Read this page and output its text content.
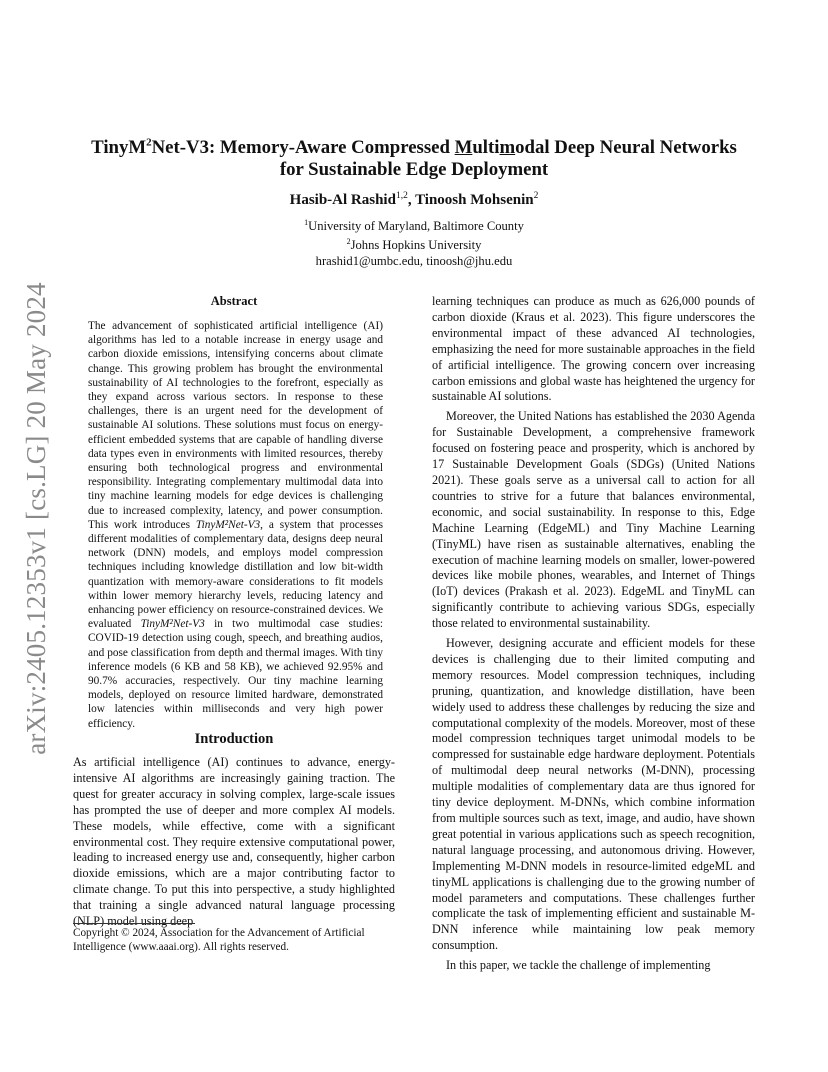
arXiv:2405.12353v1 [cs.LG] 20 May 2024
TinyM$^2$Net-V3: Memory-Aware Compressed Multimodal Deep Neural Networks
for Sustainable Edge Deployment

Hasib-Al Rashid$^{1,2}$, Tinoosh Mohsenin$^2$

$^1$University of Maryland, Baltimore County
$^2$Johns Hopkins University
hrashid1@umbc.edu, tinoosh@jhu.edu
Abstract

The advancement of sophisticated artificial intelligence (AI) algorithms has led to a notable increase in energy usage and carbon dioxide emissions, intensifying concerns about climate change. This growing problem has brought the environmental sustainability of AI technologies to the forefront, especially as they expand across various sectors. In response to these challenges, there is an urgent need for the development of sustainable AI solutions. These solutions must focus on energy-efficient embedded systems that are capable of handling diverse data types even in environments with limited resources, thereby ensuring both technological progress and environmental responsibility. Integrating complementary multimodal data into tiny machine learning models for edge devices is challenging due to increased complexity, latency, and power consumption. This work introduces TinyM²Net-V3, a system that processes different modalities of complementary data, designs deep neural network (DNN) models, and employs model compression techniques including knowledge distillation and low bit-width quantization with memory-aware considerations to fit models within lower memory hierarchy levels, reducing latency and enhancing power efficiency on resource-constrained devices. We evaluated TinyM²Net-V3 in two multimodal case studies: COVID-19 detection using cough, speech, and breathing audios, and pose classification from depth and thermal images. With tiny inference models (6 KB and 58 KB), we achieved 92.95% and 90.7% accuracies, respectively. Our tiny machine learning models, deployed on resource limited hardware, demonstrated low latencies within milliseconds and very high power efficiency.

Introduction

As artificial intelligence (AI) continues to advance, energy-intensive AI algorithms are increasingly gaining traction. The quest for greater accuracy in solving complex, large-scale issues has prompted the use of deeper and more complex AI models. These models, while effective, come with a significant environmental cost. They require extensive computational power, leading to increased energy use and, consequently, higher carbon dioxide emissions, which are a major contributing factor to climate change. To put this into perspective, a study highlighted that training a single advanced natural language processing (NLP) model using deep

Copyright © 2024, Association for the Advancement of Artificial Intelligence (www.aaai.org). All rights reserved.

learning techniques can produce as much as 626,000 pounds of carbon dioxide (Kraus et al. 2023). This figure underscores the environmental impact of these advanced AI technologies, emphasizing the need for more sustainable approaches in the field of artificial intelligence. The growing concern over increasing carbon emissions and global waste has heightened the urgency for sustainable AI solutions.

Moreover, the United Nations has established the 2030 Agenda for Sustainable Development, a comprehensive framework focused on fostering peace and prosperity, which is anchored by 17 Sustainable Development Goals (SDGs) (United Nations 2021). These goals serve as a universal call to action for all countries to strive for a future that balances environmental, economic, and social sustainability. In response to this, Edge Machine Learning (EdgeML) and Tiny Machine Learning (TinyML) have risen as sustainable alternatives, enabling the execution of machine learning models on smaller, lower-powered devices like mobile phones, wearables, and Internet of Things (IoT) devices (Prakash et al. 2023). EdgeML and TinyML can significantly contribute to achieving various SDGs, especially those related to environmental sustainability.

However, designing accurate and efficient models for these devices is challenging due to their limited computing and memory resources. Model compression techniques, including pruning, quantization, and knowledge distillation, have been widely used to address these challenges by reducing the size and computational complexity of the models. Moreover, most of these model compression techniques target unimodal models to be compressed for sustainable edge hardware deployment. Potentials of multimodal deep neural networks (M-DNN), processing multiple modalities of complementary data are thus ignored for tiny device deployment. M-DNNs, which combine information from multiple sources such as text, image, and audio, have shown great potential in various applications such as speech recognition, natural language processing, and autonomous driving. However, Implementing M-DNN models in resource-limited edgeML and tinyML applications is challenging due to the growing number of model parameters and computations. These challenges further complicate the task of implementing efficient and sustainable M-DNN inference while maintaining low peak memory consumption.

In this paper, we tackle the challenge of implementing
